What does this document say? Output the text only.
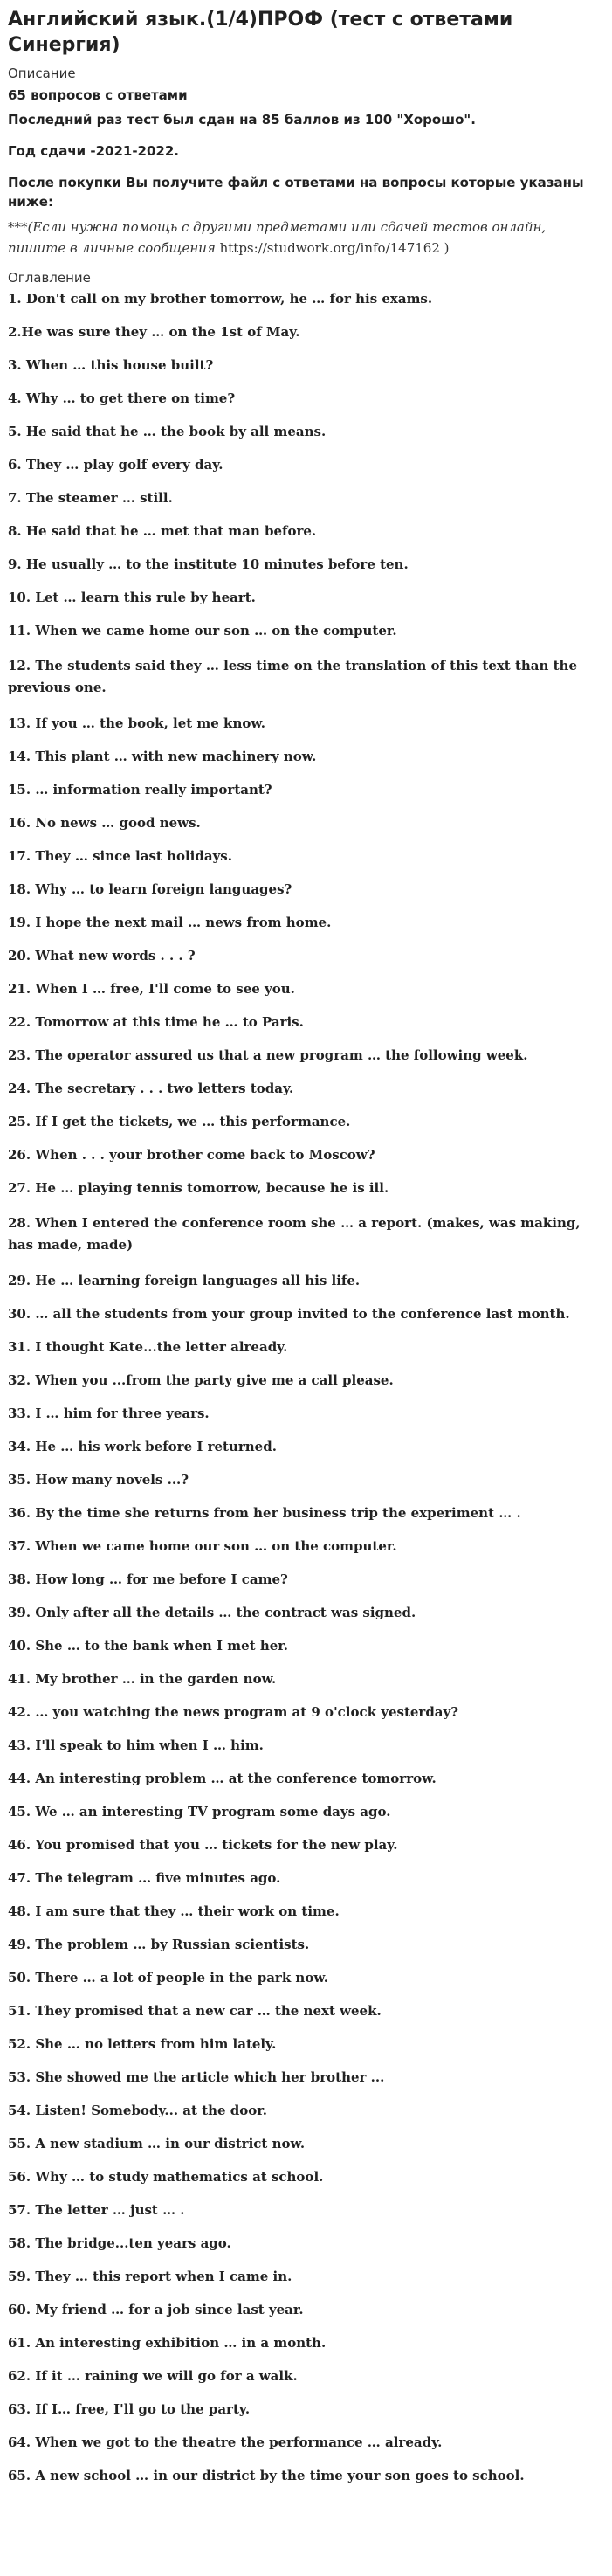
Английский язык.(1/4)ПРОФ (тест с ответами Синергия)
Описание
65 вопросов с ответами
Последний раз тест был сдан на 85 баллов из 100 "Хорошо".
Год сдачи -2021-2022.
После покупки Вы получите файл с ответами на вопросы которые указаны ниже:
***(Если нужна помощь с другими предметами или сдачей тестов онлайн, пишите в личные сообщения https://studwork.org/info/147162 )
Оглавление
1. Don't call on my brother tomorrow, he … for his exams.
2.He was sure they … on the 1st of May.
3. When … this house built?
4. Why … to get there on time?
5. He said that he … the book by all means.
6. They … play golf every day.
7. The steamer … still.
8. He said that he … met that man before.
9. He usually … to the institute 10 minutes before ten.
10. Let … learn this rule by heart.
11. When we came home our son … on the computer.
12. The students said they … less time on the translation of this text than the previous one.
13. If you … the book, let me know.
14. This plant … with new machinery now.
15. … information really important?
16. No news … good news.
17. They … since last holidays.
18. Why … to learn foreign languages?
19. I hope the next mail … news from home.
20. What new words . . . ?
21. When I … free, I'll come to see you.
22. Tomorrow at this time he … to Paris.
23. The operator assured us that a new program … the following week.
24. The secretary . . . two letters today.
25. If I get the tickets, we … this performance.
26. When . . . your brother come back to Moscow?
27. He … playing tennis tomorrow, because he is ill.
28. When I entered the conference room she … a report. (makes, was making, has made, made)
29. He … learning foreign languages all his life.
30. … all the students from your group invited to the conference last month.
31. I thought Kate...the letter already.
32. When you ...from the party give me a call please.
33. I … him for three years.
34. He … his work before I returned.
35. How many novels ...?
36. By the time she returns from her business trip the experiment … .
37. When we came home our son … on the computer.
38. How long … for me before I came?
39. Only after all the details … the contract was signed.
40. She … to the bank when I met her.
41. My brother … in the garden now.
42. … you watching the news program at 9 o'clock yesterday?
43. I'll speak to him when I … him.
44. An interesting problem … at the conference tomorrow.
45. We … an interesting TV program some days ago.
46. You promised that you … tickets for the new play.
47. The telegram … five minutes ago.
48. I am sure that they … their work on time.
49. The problem … by Russian scientists.
50. There … a lot of people in the park now.
51. They promised that a new car … the next week.
52. She … no letters from him lately.
53. She showed me the article which her brother ...
54. Listen! Somebody... at the door.
55. A new stadium … in our district now.
56. Why … to study mathematics at school.
57. The letter … just … .
58. The bridge...ten years ago.
59. They … this report when I came in.
60. My friend … for a job since last year.
61. An interesting exhibition … in a month.
62. If it … raining we will go for a walk.
63. If I… free, I'll go to the party.
64. When we got to the theatre the performance … already.
65. A new school … in our district by the time your son goes to school.
